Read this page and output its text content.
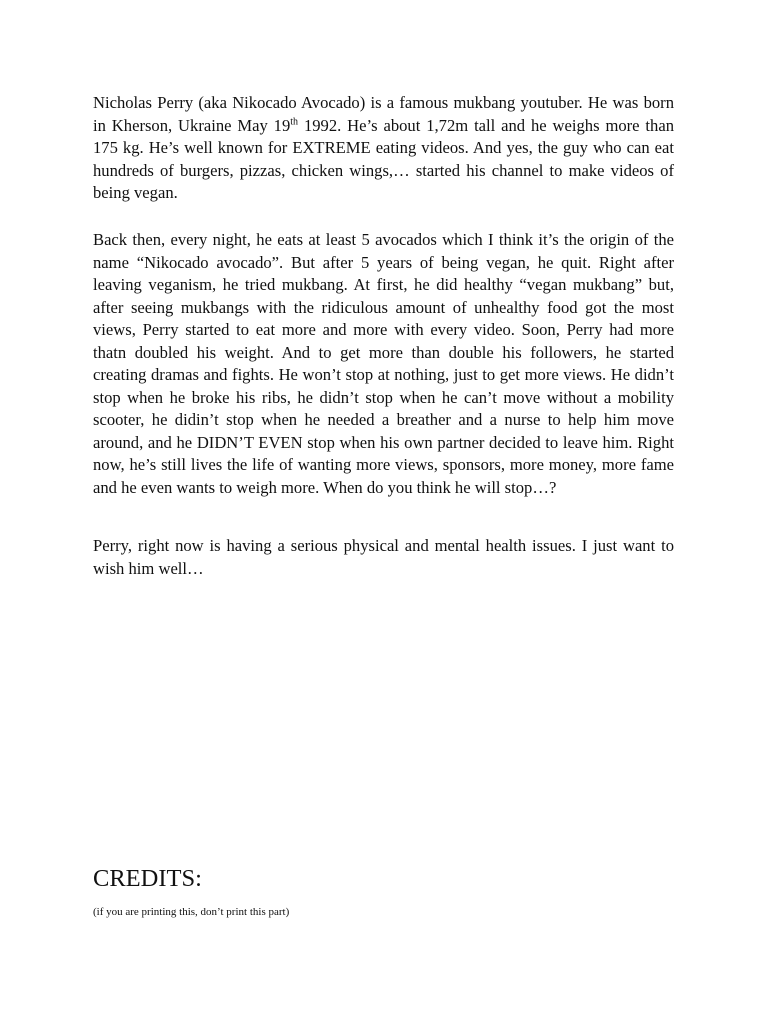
Nicholas Perry (aka Nikocado Avocado) is a famous mukbang youtuber. He was born in Kherson, Ukraine May 19th 1992. He’s about 1,72m tall and he weighs more than 175 kg. He’s well known for EXTREME eating videos. And yes, the guy who can eat hundreds of burgers, pizzas, chicken wings,… started his channel to make videos of being vegan.

Back then, every night, he eats at least 5 avocados which I think it’s the origin of the name “Nikocado avocado”. But after 5 years of being vegan, he quit. Right after leaving veganism, he tried mukbang. At first, he did healthy “vegan mukbang” but, after seeing mukbangs with the ridiculous amount of unhealthy food got the most views, Perry started to eat more and more with every video. Soon, Perry had more thatn doubled his weight. And to get more than double his followers, he started creating dramas and fights. He won’t stop at nothing, just to get more views. He didn’t stop when he broke his ribs, he didn’t stop when he can’t move without a mobility scooter, he didin’t stop when he needed a breather and a nurse to help him move around, and he DIDN’T EVEN stop when his own partner decided to leave him. Right now, he’s still lives the life of wanting more views, sponsors, more money, more fame and he even wants to weigh more. When do you think he will stop…?

Perry, right now is having a serious physical and mental health issues. I just want to wish him well…

CREDITS:

(if you are printing this, don’t print this part)
